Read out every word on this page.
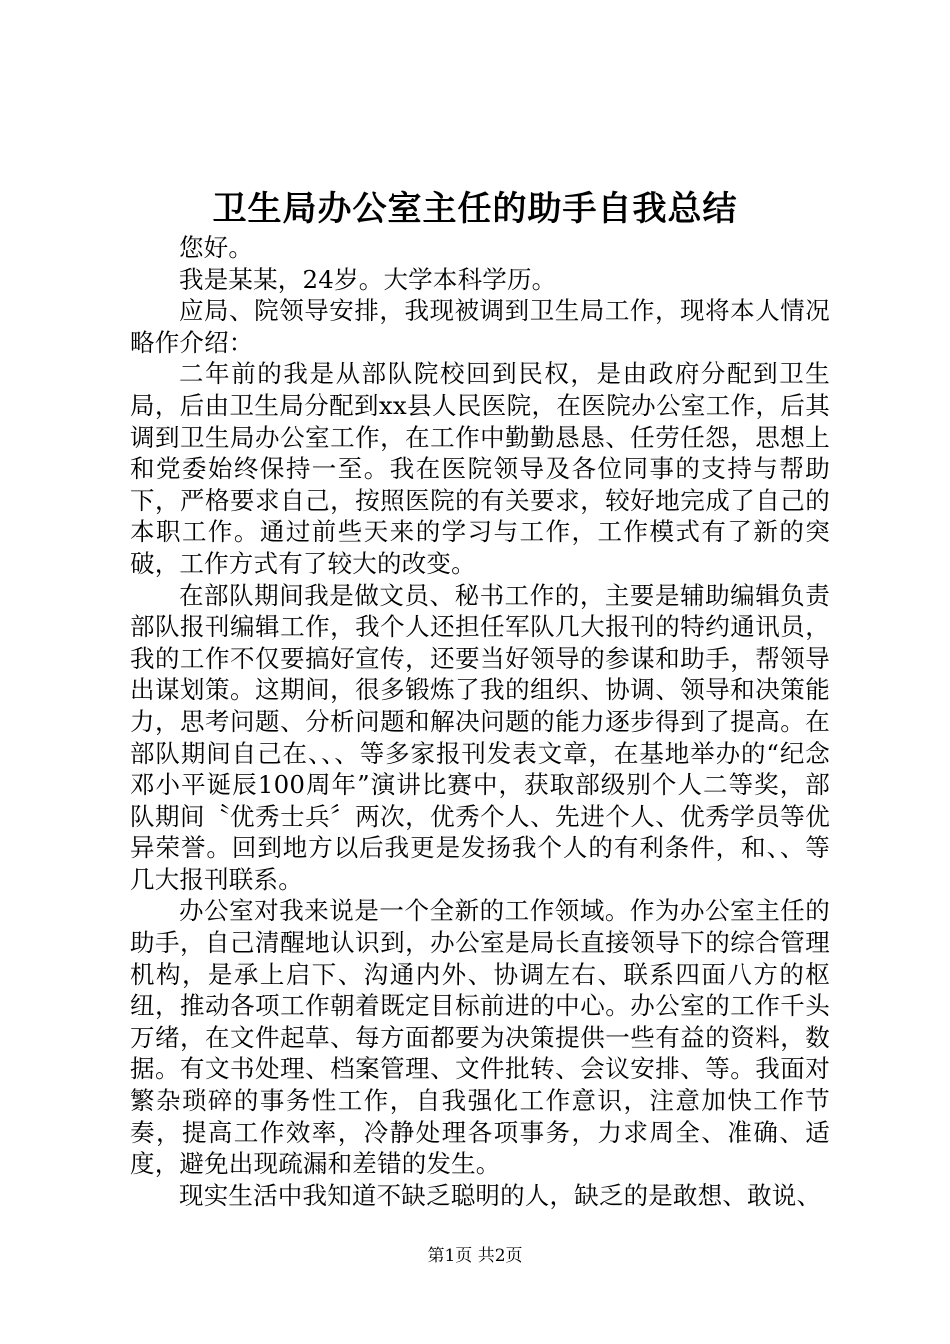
卫生局办公室主任的助手自我总结

您好。

我是某某，24岁。大学本科学历。

应局、院领导安排，我现被调到卫生局工作，现将本人情况略作介绍：

二年前的我是从部队院校回到民权，是由政府分配到卫生局，后由卫生局分配到xx县人民医院，在医院办公室工作，后其调到卫生局办公室工作，在工作中勤勤恳恳、任劳任怨，思想上和党委始终保持一至。我在医院领导及各位同事的支持与帮助下，严格要求自己，按照医院的有关要求，较好地完成了自己的本职工作。通过前些天来的学习与工作，工作模式有了新的突破，工作方式有了较大的改变。

在部队期间我是做文员、秘书工作的，主要是辅助编辑负责部队报刊编辑工作，我个人还担任军队几大报刊的特约通讯员，我的工作不仅要搞好宣传，还要当好领导的参谋和助手，帮领导出谋划策。这期间，很多锻炼了我的组织、协调、领导和决策能力，思考问题、分析问题和解决问题的能力逐步得到了提高。在部队期间自己在、、、等多家报刊发表文章，在基地举办的“纪念邓小平诞辰100周年”演讲比赛中，获取部级别个人二等奖，部队期间〝优秀士兵〞两次，优秀个人、先进个人、优秀学员等优异荣誉。回到地方以后我更是发扬我个人的有利条件，和、、等几大报刊联系。

办公室对我来说是一个全新的工作领域。作为办公室主任的助手，自己清醒地认识到，办公室是局长直接领导下的综合管理机构，是承上启下、沟通内外、协调左右、联系四面八方的枢纽，推动各项工作朝着既定目标前进的中心。办公室的工作千头万绪，在文件起草、每方面都要为决策提供一些有益的资料，数据。有文书处理、档案管理、文件批转、会议安排、等。我面对繁杂琐碎的事务性工作，自我强化工作意识，注意加快工作节奏，提高工作效率，冷静处理各项事务，力求周全、准确、适度，避免出现疏漏和差错的发生。

现实生活中我知道不缺乏聪明的人，缺乏的是敢想、敢说、

第1页 共2页
